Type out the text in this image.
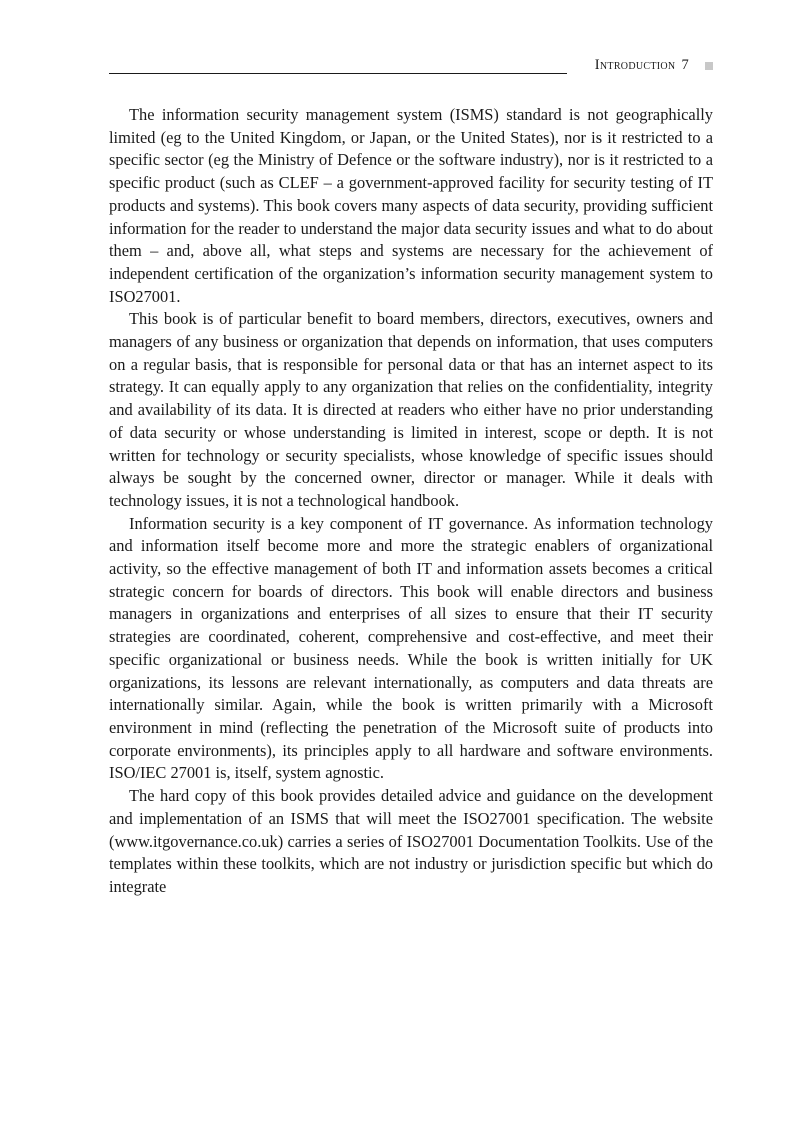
Introduction 7

The information security management system (ISMS) standard is not geographically limited (eg to the United Kingdom, or Japan, or the United States), nor is it restricted to a specific sector (eg the Ministry of Defence or the software industry), nor is it restricted to a specific product (such as CLEF – a government-approved facility for security testing of IT products and systems). This book covers many aspects of data security, providing sufficient information for the reader to understand the major data security issues and what to do about them – and, above all, what steps and systems are necessary for the achievement of independent certification of the organization’s information security management system to ISO27001.

This book is of particular benefit to board members, directors, executives, owners and managers of any business or organization that depends on information, that uses computers on a regular basis, that is responsible for personal data or that has an internet aspect to its strategy. It can equally apply to any organization that relies on the confidentiality, integrity and availability of its data. It is directed at readers who either have no prior understanding of data security or whose understanding is limited in interest, scope or depth. It is not written for technology or security specialists, whose knowledge of specific issues should always be sought by the concerned owner, director or manager. While it deals with technology issues, it is not a technological handbook.

Information security is a key component of IT governance. As information technology and information itself become more and more the strategic enablers of organizational activity, so the effective management of both IT and information assets becomes a critical strategic concern for boards of directors. This book will enable directors and business managers in organizations and enterprises of all sizes to ensure that their IT security strategies are coordinated, coherent, comprehensive and cost-effective, and meet their specific organizational or business needs. While the book is written initially for UK organizations, its lessons are relevant internationally, as computers and data threats are internationally similar. Again, while the book is written primarily with a Microsoft environment in mind (reflecting the penetration of the Microsoft suite of products into corporate environments), its principles apply to all hardware and software environments. ISO/IEC 27001 is, itself, system agnostic.

The hard copy of this book provides detailed advice and guidance on the development and implementation of an ISMS that will meet the ISO27001 specification. The website (www.itgovernance.co.uk) carries a series of ISO27001 Documentation Toolkits. Use of the templates within these toolkits, which are not industry or jurisdiction specific but which do integrate
